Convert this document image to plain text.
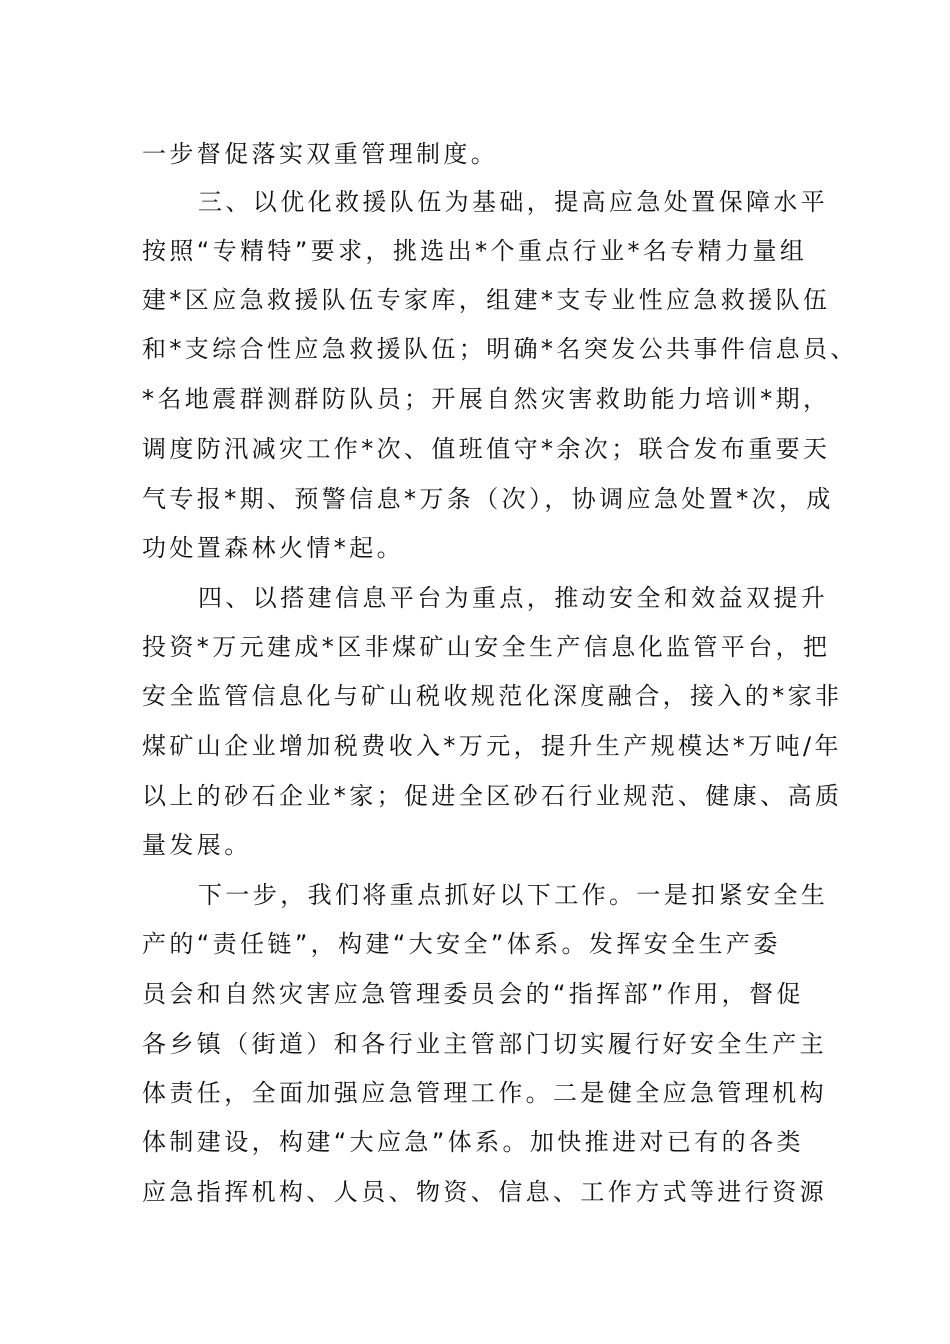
一步督促落实双重管理制度。
三、以优化救援队伍为基础，提高应急处置保障水平
按照“专精特”要求，挑选出*个重点行业*名专精力量组
建*区应急救援队伍专家库，组建*支专业性应急救援队伍
和*支综合性应急救援队伍；明确*名突发公共事件信息员、
*名地震群测群防队员；开展自然灾害救助能力培训*期，
调度防汛减灾工作*次、值班值守*余次；联合发布重要天
气专报*期、预警信息*万条（次），协调应急处置*次，成
功处置森林火情*起。
四、以搭建信息平台为重点，推动安全和效益双提升
投资*万元建成*区非煤矿山安全生产信息化监管平台，把
安全监管信息化与矿山税收规范化深度融合，接入的*家非
煤矿山企业增加税费收入*万元，提升生产规模达*万吨/年
以上的砂石企业*家；促进全区砂石行业规范、健康、高质
量发展。
下一步，我们将重点抓好以下工作。一是扣紧安全生
产的“责任链”，构建“大安全”体系。发挥安全生产委
员会和自然灾害应急管理委员会的“指挥部”作用，督促
各乡镇（街道）和各行业主管部门切实履行好安全生产主
体责任，全面加强应急管理工作。二是健全应急管理机构
体制建设，构建“大应急”体系。加快推进对已有的各类
应急指挥机构、人员、物资、信息、工作方式等进行资源
